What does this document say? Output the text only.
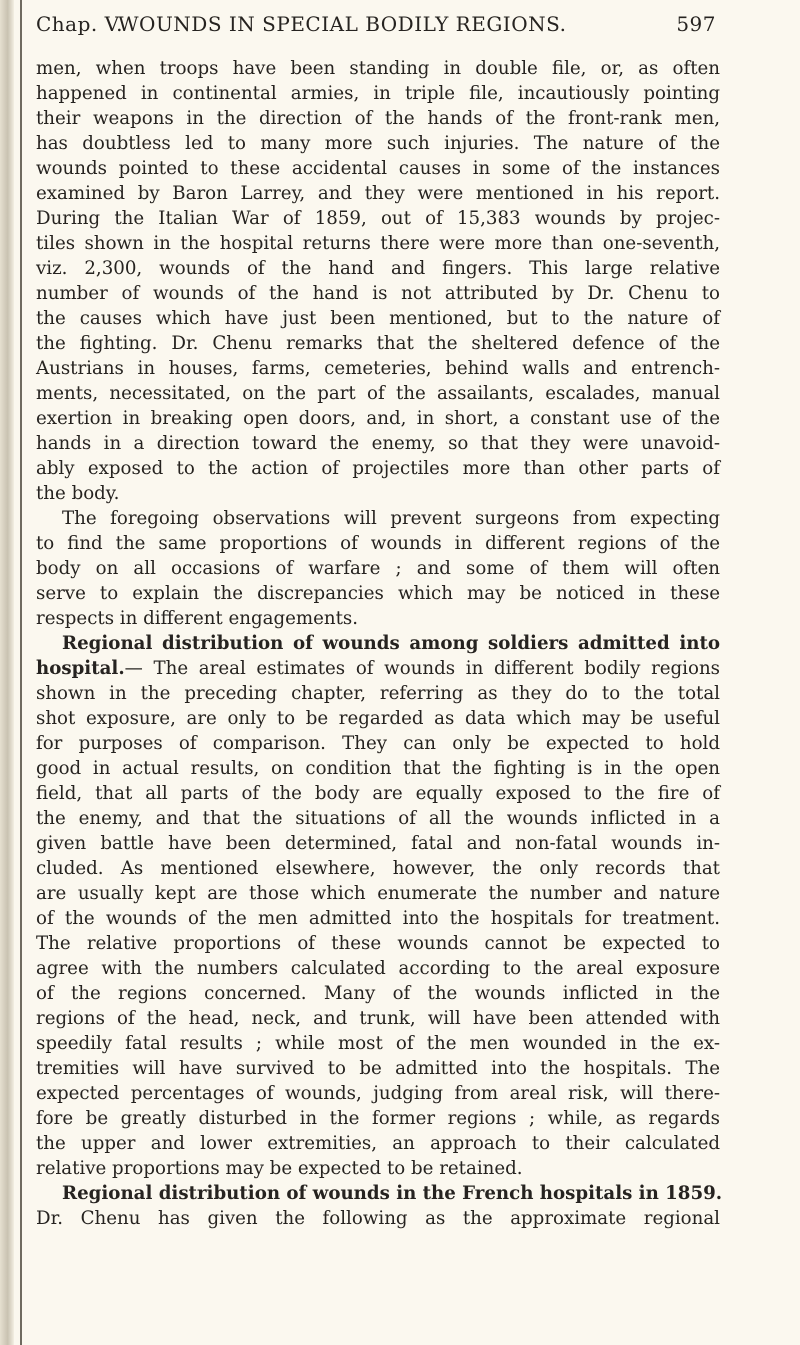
Chap. V.
WOUNDS IN SPECIAL BODILY REGIONS.	597
men, when troops have been standing in double file, or, as often
happened in continental armies, in triple file, incautiously pointing
their weapons in the direction of the hands of the front-rank men,
has doubtless led to many more such injuries. The nature of the
wounds pointed to these accidental causes in some of the instances
examined by Baron Larrey, and they were mentioned in his report.
During the Italian War of 1859, out of 15,383 wounds by projec-
tiles shown in the hospital returns there were more than one-seventh,
viz. 2,300, wounds of the hand and fingers. This large relative
number of wounds of the hand is not attributed by Dr. Chenu to
the causes which have just been mentioned, but to the nature of
the fighting. Dr. Chenu remarks that the sheltered defence of the
Austrians in houses, farms, cemeteries, behind walls and entrench-
ments, necessitated, on the part of the assailants, escalades, manual
exertion in breaking open doors, and, in short, a constant use of the
hands in a direction toward the enemy, so that they were unavoid-
ably exposed to the action of projectiles more than other parts of
the body.
The foregoing observations will prevent surgeons from expecting
to find the same proportions of wounds in different regions of the
body on all occasions of warfare ; and some of them will often
serve to explain the discrepancies which may be noticed in these
respects in different engagements.
Regional distribution of wounds among soldiers admitted into
hospital.— The areal estimates of wounds in different bodily regions
shown in the preceding chapter, referring as they do to the total
shot exposure, are only to be regarded as data which may be useful
for purposes of comparison. They can only be expected to hold
good in actual results, on condition that the fighting is in the open
field, that all parts of the body are equally exposed to the fire of
the enemy, and that the situations of all the wounds inflicted in a
given battle have been determined, fatal and non-fatal wounds in-
cluded. As mentioned elsewhere, however, the only records that
are usually kept are those which enumerate the number and nature
of the wounds of the men admitted into the hospitals for treatment.
The relative proportions of these wounds cannot be expected to
agree with the numbers calculated according to the areal exposure
of the regions concerned. Many of the wounds inflicted in the
regions of the head, neck, and trunk, will have been attended with
speedily fatal results ; while most of the men wounded in the ex-
tremities will have survived to be admitted into the hospitals. The
expected percentages of wounds, judging from areal risk, will there-
fore be greatly disturbed in the former regions ; while, as regards
the upper and lower extremities, an approach to their calculated
relative proportions may be expected to be retained.
Regional distribution of wounds in the French hospitals in 1859.
Dr. Chenu has given the following as the approximate regional
